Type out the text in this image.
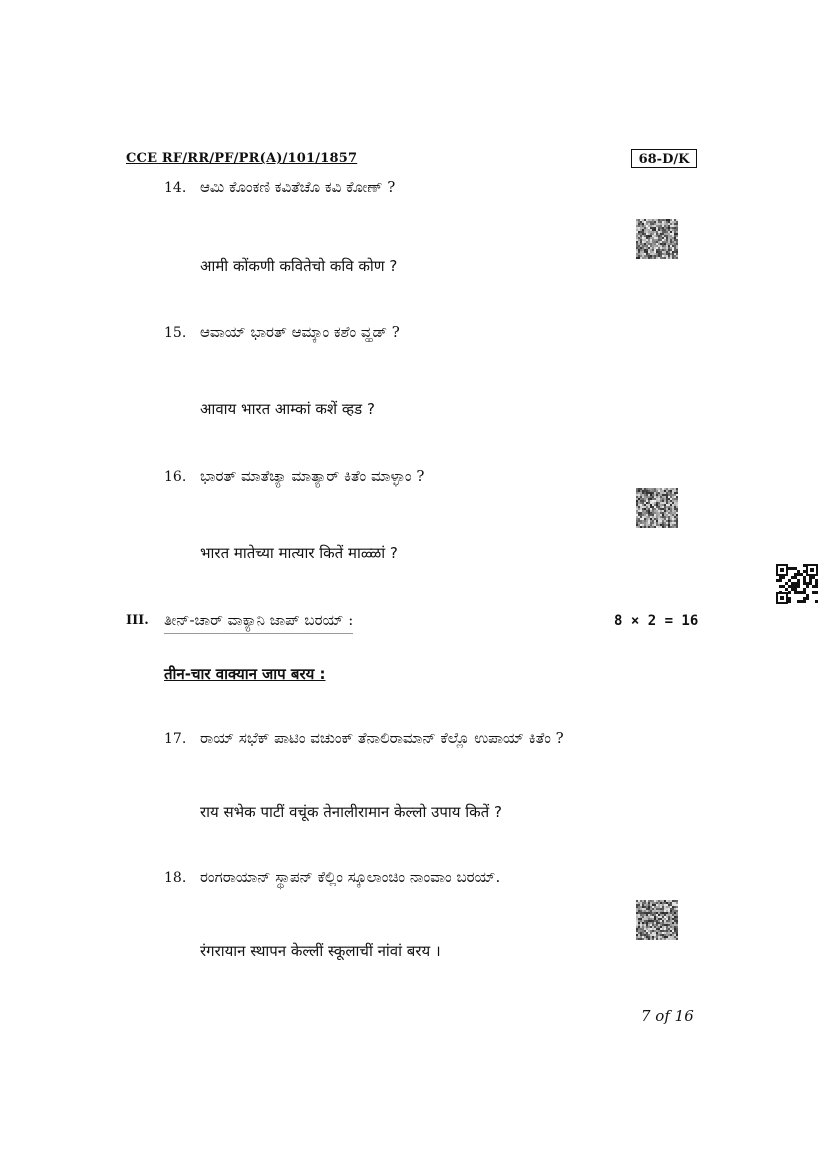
CCE RF/RR/PF/PR(A)/101/1857	68-D/K
14. ಆಮಿ ಕೊಂಕಣಿ ಕವಿತೆಚೊ ಕವಿ ಕೋಣ್ ?
आमी कोंकणी कवितेचो कवि कोण ?
15. ಆವಾಯ್ ಭಾರತ್ ಆಮ್ಕಾಂ ಕಶೆಂ ವ್ಹಡ್ ?
आवाय भारत आम्कां कशें व्हड ?
16. ಭಾರತ್ ಮಾತೆಚ್ಯಾ ಮಾತ್ಯಾರ್ ಕಿತೆಂ ಮಾಳ್ಳಾಂ ?
भारत मातेच्या मात्यार कितें माळ्ळां ?
III. ತೀನ್-ಚಾರ್ ವಾಕ್ಯಾನಿ ಜಾಪ್ ಬರಯ್ :	8 × 2 = 16
तीन-चार वाक्यान जाप बरय :
17. ರಾಯ್ ಸಭೆಕ್ ಪಾಟಿಂ ವಚುಂಕ್ ತೆನಾಲಿರಾಮಾನ್ ಕೆಲ್ಲೊ ಉಪಾಯ್ ಕಿತೆಂ ?
राय सभेक पाटीं वचूंक तेनालीरामान केल्लो उपाय कितें ?
18. ರಂಗರಾಯಾನ್ ಸ್ಥಾಪನ್ ಕೆಲ್ಲಿಂ ಸ್ಕೂಲಾಂಚಿಂ ನಾಂವಾಂ ಬರಯ್.
रंगरायान स्थापन केल्लीं स्कूलाचीं नांवां बरय ।
7 of 16
